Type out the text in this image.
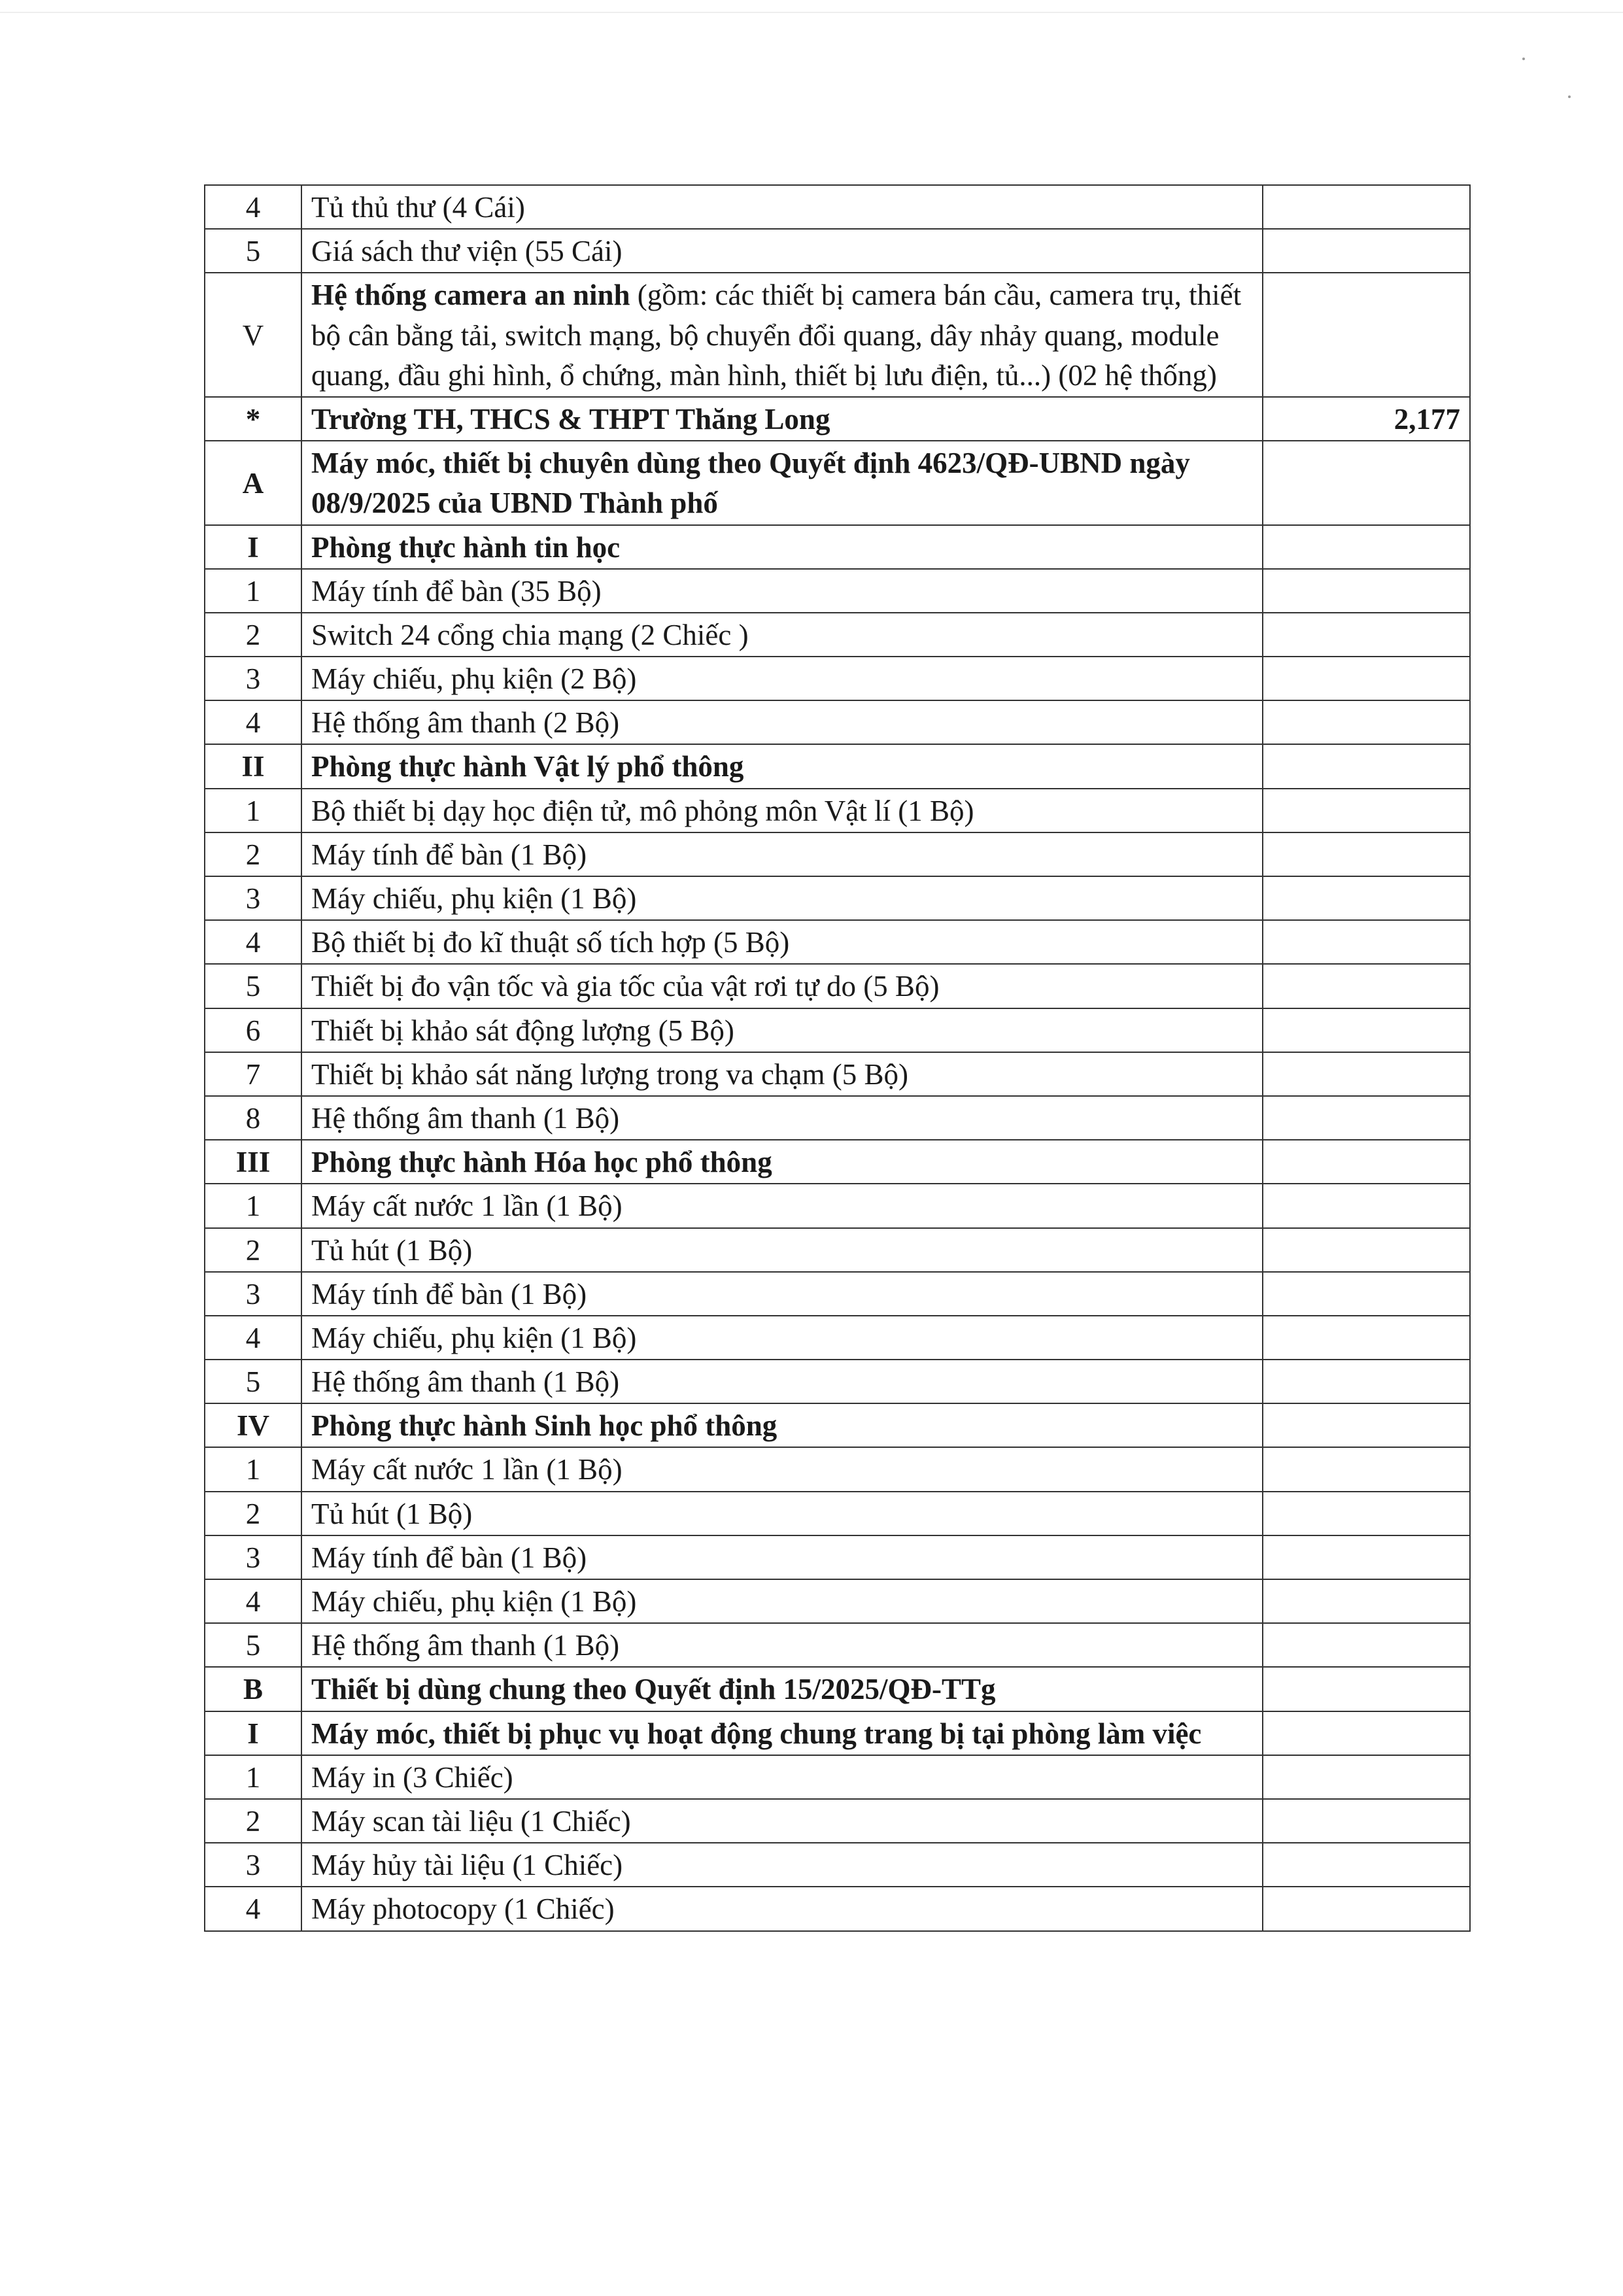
4	Tủ thủ thư (4 Cái)	
5	Giá sách thư viện (55 Cái)	
V	Hệ thống camera an ninh (gồm: các thiết bị camera bán cầu, camera trụ, thiết bộ cân bằng tải, switch mạng, bộ chuyển đổi quang, dây nhảy quang, module quang, đầu ghi hình, ổ chứng, màn hình, thiết bị lưu điện, tủ...) (02 hệ thống)	
*	Trường TH, THCS & THPT Thăng Long	2,177
A	Máy móc, thiết bị chuyên dùng theo Quyết định 4623/QĐ-UBND ngày 08/9/2025 của UBND Thành phố	
I	Phòng thực hành tin học	
1	Máy tính để bàn (35 Bộ)	
2	Switch 24 cổng chia mạng (2 Chiếc )	
3	Máy chiếu, phụ kiện (2 Bộ)	
4	Hệ thống âm thanh (2 Bộ)	
II	Phòng thực hành Vật lý phổ thông	
1	Bộ thiết bị dạy học điện tử, mô phỏng môn Vật lí (1 Bộ)	
2	Máy tính để bàn (1 Bộ)	
3	Máy chiếu, phụ kiện (1 Bộ)	
4	Bộ thiết bị đo kĩ thuật số tích hợp (5 Bộ)	
5	Thiết bị đo vận tốc và gia tốc của vật rơi tự do (5 Bộ)	
6	Thiết bị khảo sát động lượng (5 Bộ)	
7	Thiết bị khảo sát năng lượng trong va chạm (5 Bộ)	
8	Hệ thống âm thanh (1 Bộ)	
III	Phòng thực hành Hóa học phổ thông	
1	Máy cất nước 1 lần (1 Bộ)	
2	Tủ hút (1 Bộ)	
3	Máy tính để bàn (1 Bộ)	
4	Máy chiếu, phụ kiện (1 Bộ)	
5	Hệ thống âm thanh (1 Bộ)	
IV	Phòng thực hành Sinh học phổ thông	
1	Máy cất nước 1 lần (1 Bộ)	
2	Tủ hút (1 Bộ)	
3	Máy tính để bàn (1 Bộ)	
4	Máy chiếu, phụ kiện (1 Bộ)	
5	Hệ thống âm thanh (1 Bộ)	
B	Thiết bị dùng chung theo Quyết định 15/2025/QĐ-TTg	
I	Máy móc, thiết bị phục vụ hoạt động chung trang bị tại phòng làm việc	
1	Máy in (3 Chiếc)	
2	Máy scan tài liệu (1 Chiếc)	
3	Máy hủy tài liệu (1 Chiếc)	
4	Máy photocopy (1 Chiếc)	
